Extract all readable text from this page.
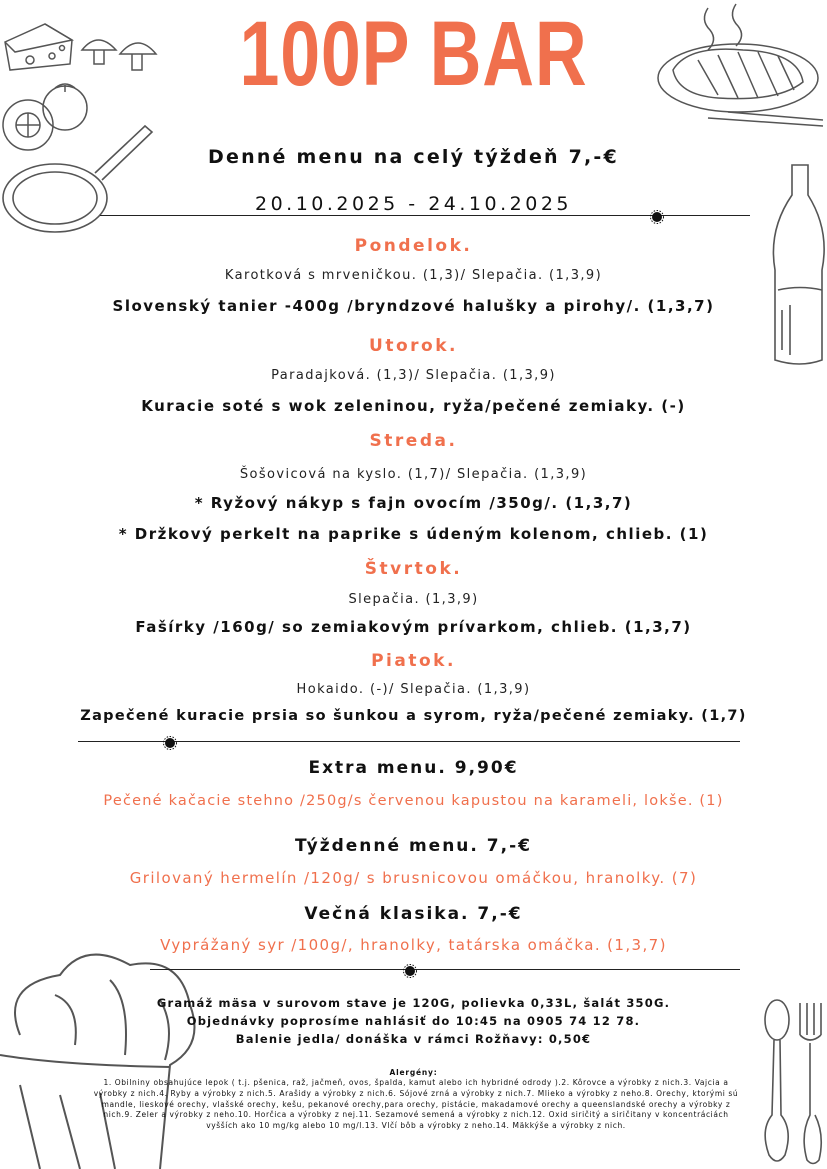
100P BAR
Denné menu na celý týždeň 7,-€
20.10.2025 - 24.10.2025
Pondelok.
Karotková s mrveničkou. (1,3)/ Slepačia. (1,3,9)
Slovenský tanier -400g /bryndzové halušky a pirohy/. (1,3,7)
Utorok.
Paradajková. (1,3)/ Slepačia. (1,3,9)
Kuracie soté s wok zeleninou, ryža/pečené zemiaky. (-)
Streda.
Šošovicová na kyslo. (1,7)/ Slepačia. (1,3,9)
* Ryžový nákyp s fajn ovocím /350g/. (1,3,7)
* Držkový perkelt na paprike s údeným kolenom, chlieb. (1)
Štvrtok.
Slepačia. (1,3,9)
Fašírky /160g/ so zemiakovým prívarkom, chlieb. (1,3,7)
Piatok.
Hokaido. (-)/ Slepačia. (1,3,9)
Zapečené kuracie prsia so šunkou a syrom, ryža/pečené zemiaky. (1,7)
Extra menu. 9,90€
Pečené kačacie stehno /250g/s červenou kapustou na karameli, lokše. (1)
Týždenné menu. 7,-€
Grilovaný hermelín /120g/ s brusnicovou omáčkou, hranolky. (7)
Večná klasika. 7,-€
Vyprážaný syr /100g/, hranolky, tatárska omáčka. (1,3,7)
Gramáž mäsa v surovom stave je 120G, polievka 0,33L, šalát 350G.
Objednávky poprosíme nahlásiť do 10:45 na 0905 74 12 78.
Balenie jedla/ donáška v rámci Rožňavy: 0,50€
Alergény:
1. Obilniny obsahujúce lepok ( t.j. pšenica, raž, jačmeň, ovos, špalda, kamut alebo ich hybridné odrody ).2. Kôrovce a výrobky z nich.3. Vajcia a výrobky z nich.4. Ryby a výrobky z nich.5. Arašidy a výrobky z nich.6. Sójové zrná a výrobky z nich.7. Mlieko a výrobky z neho.8. Orechy, ktorými sú mandle, lieskové orechy, vlašské orechy, kešu, pekanové orechy,para orechy, pistácie, makadamové orechy a queenslandské orechy a výrobky z nich.9. Zeler a výrobky z neho.10. Horčica a výrobky z nej.11. Sezamové semená a výrobky z nich.12. Oxid siričitý a siričitany v koncentráciách vyšších ako 10 mg/kg alebo 10 mg/l.13. Vlčí bôb a výrobky z neho.14. Mäkkýše a výrobky z nich.
